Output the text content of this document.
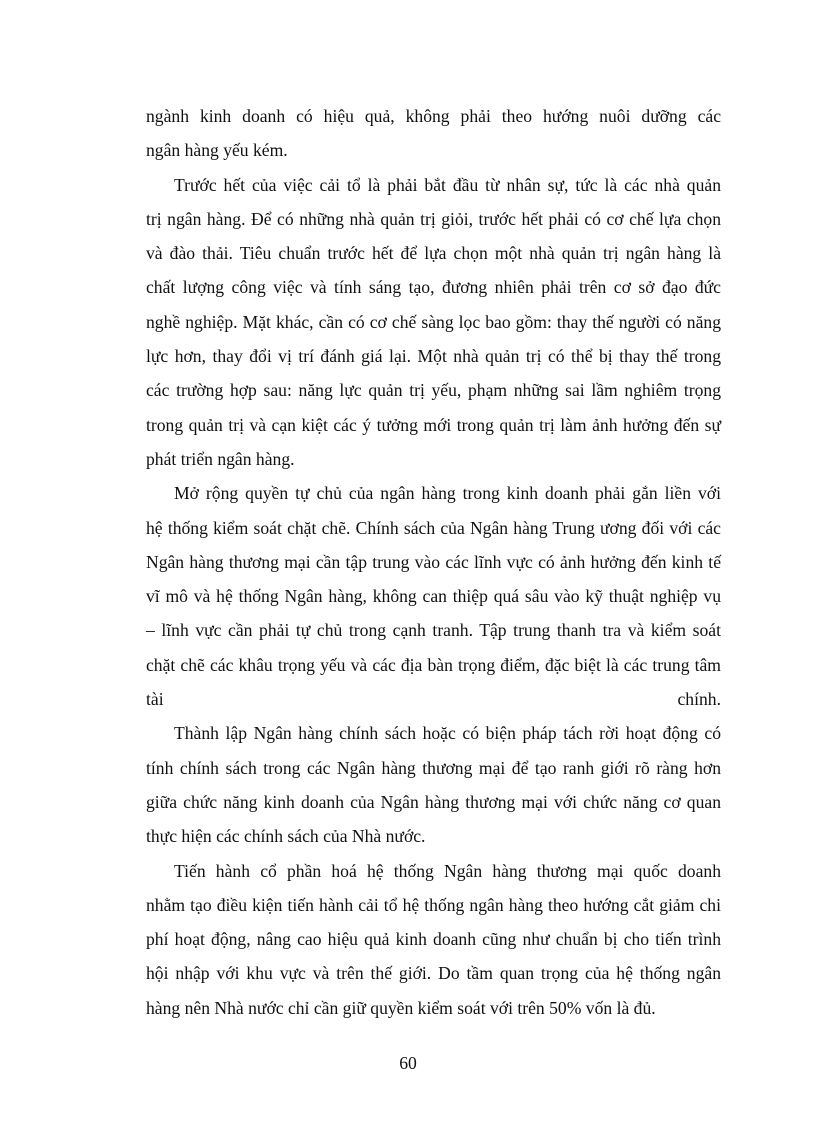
ngành kinh doanh có hiệu quả, không phải theo hướng nuôi dưỡng các
ngân hàng yếu kém.
Trước hết của việc cải tổ là phải bắt đầu từ nhân sự, tức là các nhà quản
trị ngân hàng. Để có những nhà quản trị giỏi, trước hết phải có cơ chế lựa chọn
và đào thải. Tiêu chuẩn trước hết để lựa chọn một nhà quản trị ngân hàng là
chất lượng công việc và tính sáng tạo, đương nhiên phải trên cơ sở đạo đức
nghề nghiệp. Mặt khác, cần có cơ chế sàng lọc bao gồm: thay thế người có năng
lực hơn, thay đổi vị trí đánh giá lại. Một nhà quản trị có thể bị thay thế trong
các trường hợp sau: năng lực quản trị yếu, phạm những sai lầm nghiêm trọng
trong quản trị và cạn kiệt các ý tưởng mới trong quản trị làm ảnh hưởng đến sự
phát triển ngân hàng.
Mở rộng quyền tự chủ của ngân hàng trong kinh doanh phải gắn liền với
hệ thống kiểm soát chặt chẽ. Chính sách của Ngân hàng Trung ương đối với các
Ngân hàng thương mại cần tập trung vào các lĩnh vực có ảnh hưởng đến kinh tế
vĩ mô và hệ thống Ngân hàng, không can thiệp quá sâu vào kỹ thuật nghiệp vụ
– lĩnh vực cần phải tự chủ trong cạnh tranh. Tập trung thanh tra và kiểm soát
chặt chẽ các khâu trọng yếu và các địa bàn trọng điểm, đặc biệt là các trung tâm
tài chính.
Thành lập Ngân hàng chính sách hoặc có biện pháp tách rời hoạt động có
tính chính sách trong các Ngân hàng thương mại để tạo ranh giới rõ ràng hơn
giữa chức năng kinh doanh của Ngân hàng thương mại với chức năng cơ quan
thực hiện các chính sách của Nhà nước.
Tiến hành cổ phần hoá hệ thống Ngân hàng thương mại quốc doanh
nhằm tạo điều kiện tiến hành cải tổ hệ thống ngân hàng theo hướng cắt giảm chi
phí hoạt động, nâng cao hiệu quả kinh doanh cũng như chuẩn bị cho tiến trình
hội nhập với khu vực và trên thế giới. Do tầm quan trọng của hệ thống ngân
hàng nên Nhà nước chỉ cần giữ quyền kiểm soát với trên 50% vốn là đủ.
60
